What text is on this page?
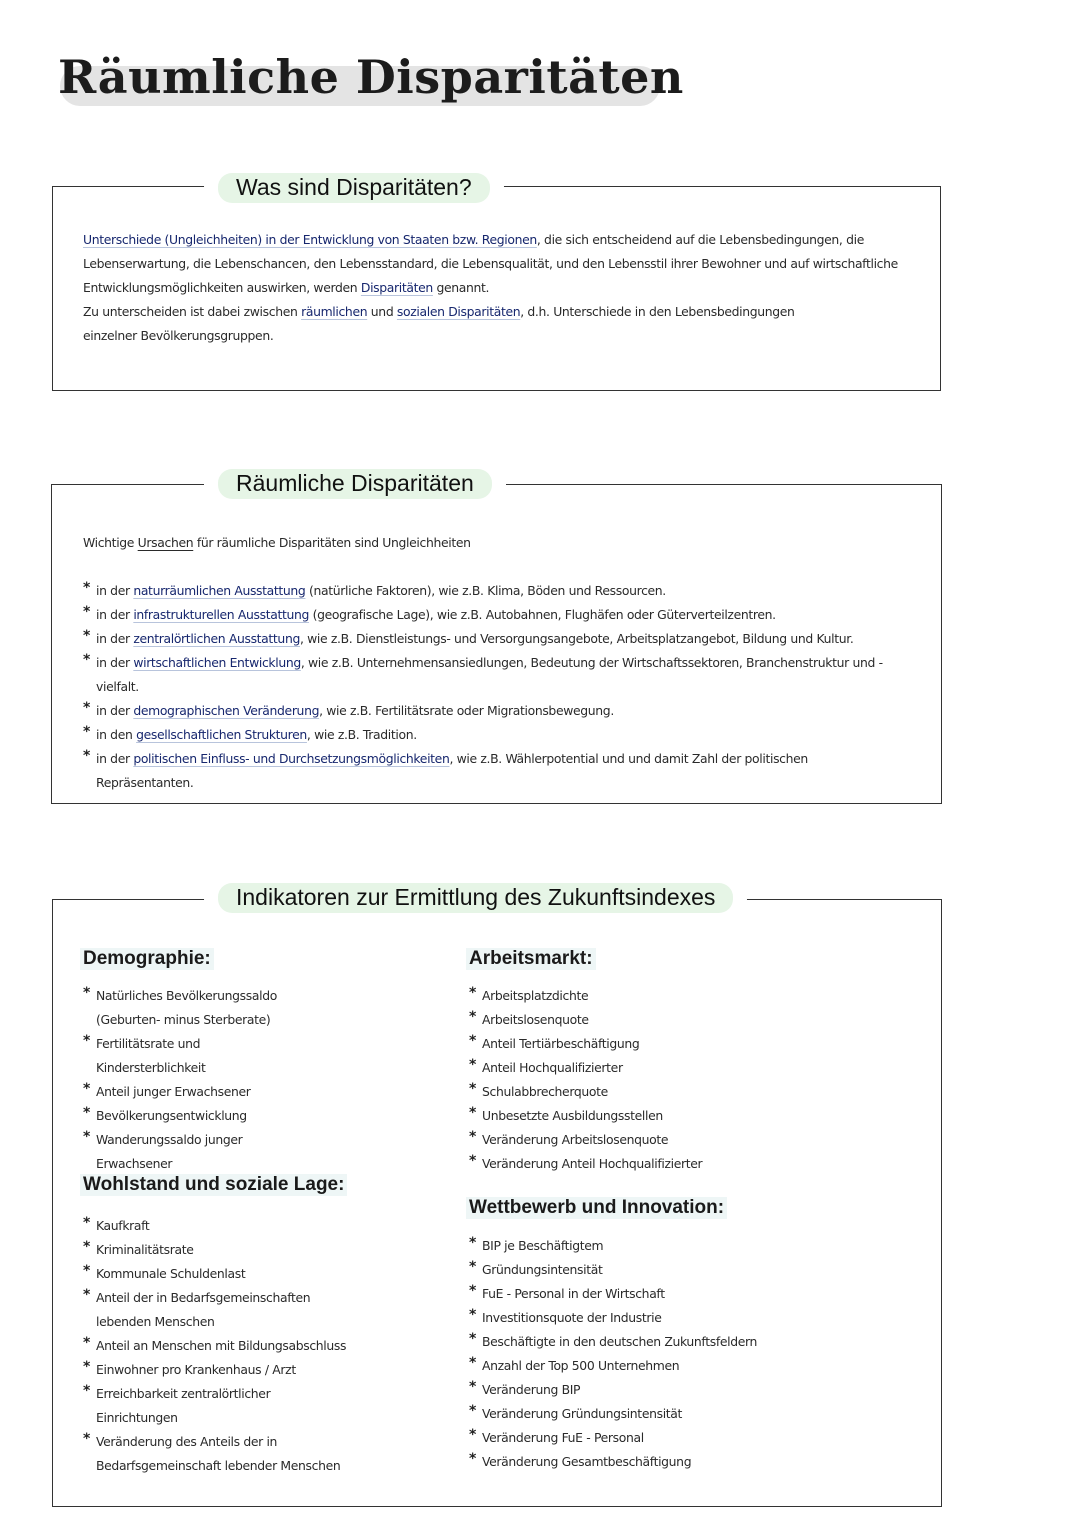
Räumliche Disparitäten
Was sind Disparitäten?

Unterschiede (Ungleichheiten) in der Entwicklung von Staaten bzw. Regionen, die sich entscheidend auf die Lebensbedingungen, die Lebenserwartung, die Lebenschancen, den Lebensstandard, die Lebensqualität, und den Lebensstil ihrer Bewohner und auf wirtschaftliche Entwicklungsmöglichkeiten auswirken, werden Disparitäten genannt.

Zu unterscheiden ist dabei zwischen räumlichen und sozialen Disparitäten, d.h. Unterschiede in den Lebensbedingungen einzelner Bevölkerungsgruppen.

Räumliche Disparitäten

Wichtige Ursachen für räumliche Disparitäten sind Ungleichheiten

* in der naturräumlichen Ausstattung (natürliche Faktoren), wie z.B. Klima, Böden und Ressourcen.
* in der infrastrukturellen Ausstattung (geografische Lage), wie z.B. Autobahnen, Flughäfen oder Güterverteilzentren.
* in der zentralörtlichen Ausstattung, wie z.B. Dienstleistungs- und Versorgungsangebote, Arbeitsplatzangebot, Bildung und Kultur.
* in der wirtschaftlichen Entwicklung, wie z.B. Unternehmensansiedlungen, Bedeutung der Wirtschaftssektoren, Branchenstruktur und -vielfalt.
* in der demographischen Veränderung, wie z.B. Fertilitätsrate oder Migrationsbewegung.
* in den gesellschaftlichen Strukturen, wie z.B. Tradition.
* in der politischen Einfluss- und Durchsetzungsmöglichkeiten, wie z.B. Wählerpotential und und damit Zahl der politischen Repräsentanten.
Indikatoren zur Ermittlung des Zukunftsindexes
Demographie:
* Natürliches Bevölkerungssaldo (Geburten- minus Sterberate)
* Fertilitätsrate und Kindersterblichkeit
* Anteil junger Erwachsener
* Bevölkerungsentwicklung
* Wanderungssaldo junger Erwachsener
Wohlstand und soziale Lage:
* Kaufkraft
* Kriminalitätsrate
* Kommunale Schuldenlast
* Anteil der in Bedarfsgemeinschaften lebenden Menschen
* Anteil an Menschen mit Bildungsabschluss
* Einwohner pro Krankenhaus / Arzt
* Erreichbarkeit zentralörtlicher Einrichtungen
* Veränderung des Anteils der in Bedarfsgemeinschaft lebender Menschen
Arbeitsmarkt:
* Arbeitsplatzdichte
* Arbeitslosenquote
* Anteil Tertiärbeschäftigung
* Anteil Hochqualifizierter
* Schulabbrecherquote
* Unbesetzte Ausbildungsstellen
* Veränderung Arbeitslosenquote
* Veränderung Anteil Hochqualifizierter
Wettbewerb und Innovation:
* BIP je Beschäftigtem
* Gründungsintensität
* FuE - Personal in der Wirtschaft
* Investitionsquote der Industrie
* Beschäftigte in den deutschen Zukunftsfeldern
* Anzahl der Top 500 Unternehmen
* Veränderung BIP
* Veränderung Gründungsintensität
* Veränderung FuE - Personal
* Veränderung Gesamtbeschäftigung
